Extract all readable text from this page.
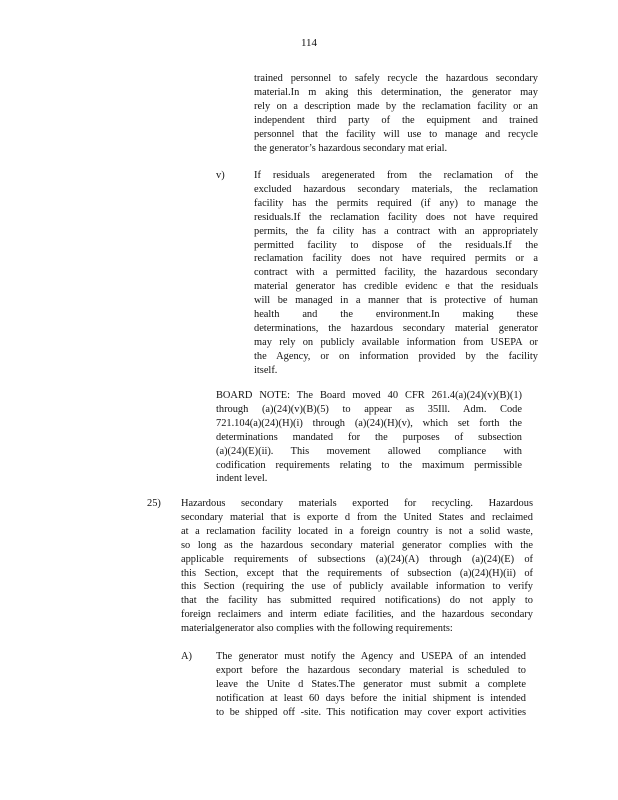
114
trained personnel to safely recycle the hazardous secondary
material.In m aking this determination, the generator may
rely on a description made by the reclamation facility or an
independent third party of the equipment and trained
personnel that the facility will use to manage and recycle
the generator’s hazardous secondary mat erial.
v)	If residuals aregenerated from the reclamation of the
excluded hazardous secondary materials, the reclamation
facility has the permits required (if any) to manage the
residuals.If the reclamation facility does not have required
permits, the fa cility has a contract with an appropriately
permitted facility to dispose of the residuals.If the
reclamation facility does not have required permits or a
contract with a permitted facility, the hazardous secondary
material generator has credible evidenc e that the residuals
will be managed in a manner that is protective of human
health and the environment.In making these
determinations, the hazardous secondary material generator
may rely on publicly available information from USEPA or
the Agency, or on information provided by the facility
itself.
BOARD NOTE: The Board moved 40 CFR 261.4(a)(24)(v)(B)(1)
through (a)(24)(v)(B)(5) to appear as 35Ill. Adm. Code
721.104(a)(24)(H)(i) through (a)(24)(H)(v), which set forth the
determinations mandated for the purposes of subsection
(a)(24)(E)(ii). This movement allowed compliance with
codification requirements relating to the maximum permissible
indent level.
25) Hazardous secondary materials exported for recycling. Hazardous
secondary material that is exporte d from the United States and reclaimed
at a reclamation facility located in a foreign country is not a solid waste,
so long as the hazardous secondary material generator complies with the
applicable requirements of subsections (a)(24)(A) through (a)(24)(E) of
this Section, except that the requirements of subsection (a)(24)(H)(ii) of
this Section (requiring the use of publicly available information to verify
that the facility has submitted required notifications) do not apply to
foreign reclaimers and interm ediate facilities, and the hazardous secondary
materialgenerator also complies with the following requirements:
A) The generator must notify the Agency and USEPA of an intended
export before the hazardous secondary material is scheduled to
leave the Unite d States.The generator must submit a complete
notification at least 60 days before the initial shipment is intended
to be shipped off -site. This notification may cover export activities
